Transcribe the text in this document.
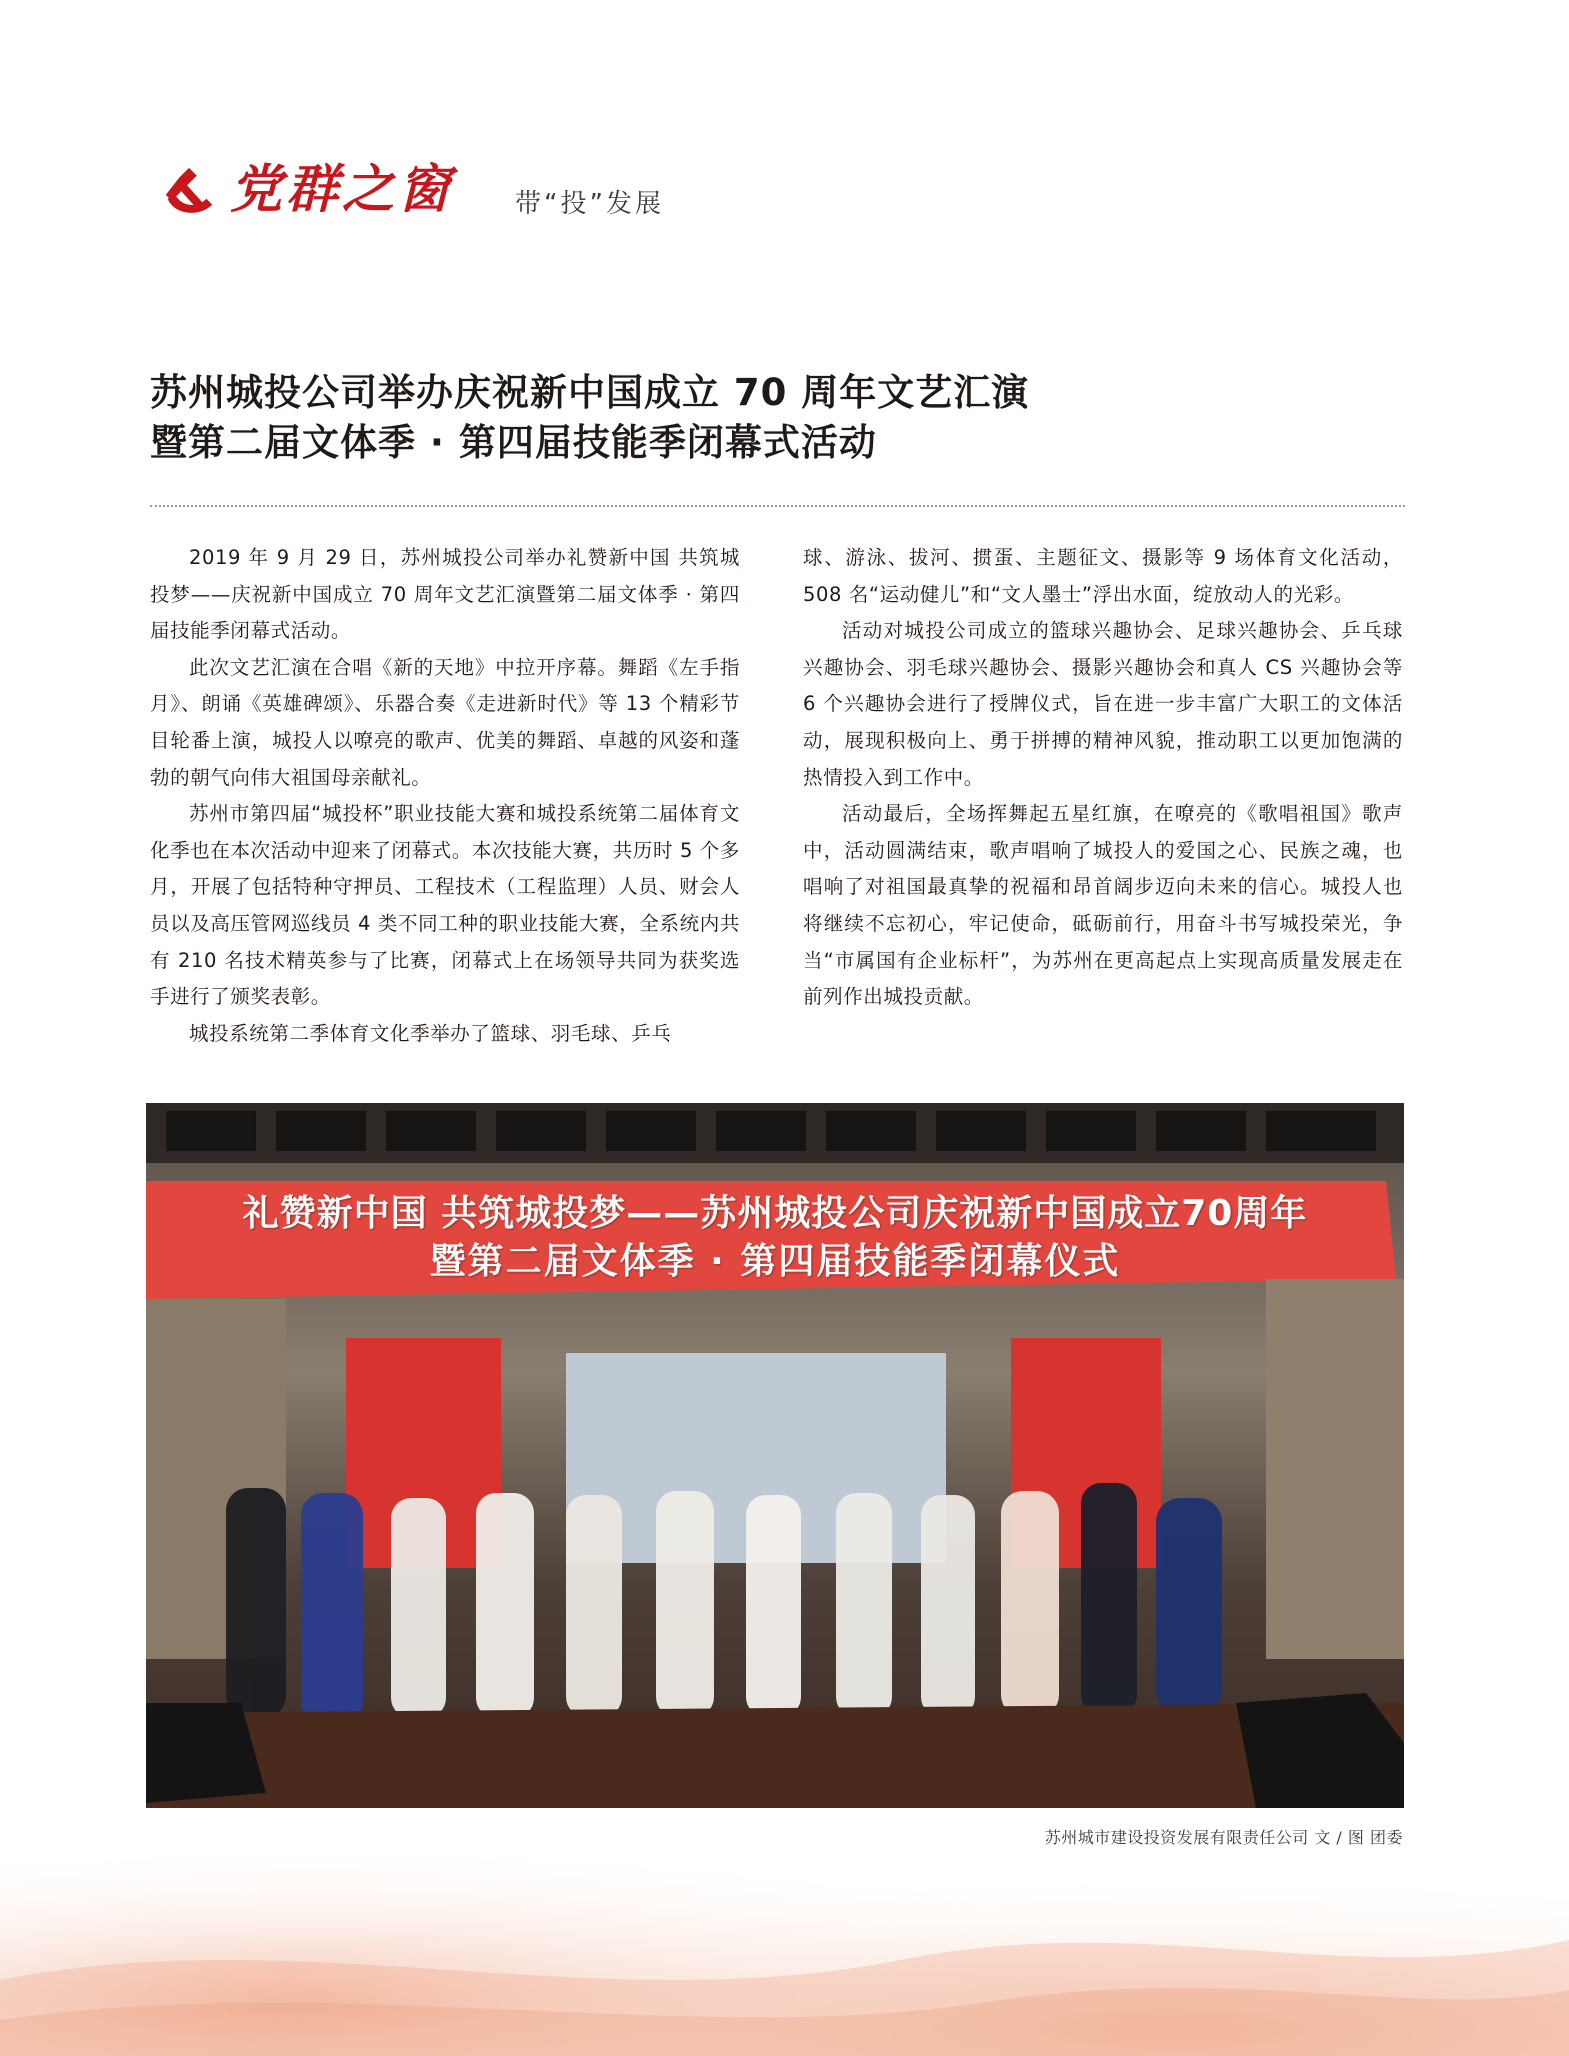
党群之窗 带“投”发展
苏州城投公司举办庆祝新中国成立 70 周年文艺汇演
暨第二届文体季 · 第四届技能季闭幕式活动

2019 年 9 月 29 日，苏州城投公司举办礼赞新中国 共筑城投梦——庆祝新中国成立 70 周年文艺汇演暨第二届文体季 · 第四届技能季闭幕式活动。

此次文艺汇演在合唱《新的天地》中拉开序幕。舞蹈《左手指月》、朗诵《英雄碑颂》、乐器合奏《走进新时代》等 13 个精彩节目轮番上演，城投人以嘹亮的歌声、优美的舞蹈、卓越的风姿和蓬勃的朝气向伟大祖国母亲献礼。

苏州市第四届“城投杯”职业技能大赛和城投系统第二届体育文化季也在本次活动中迎来了闭幕式。本次技能大赛，共历时 5 个多月，开展了包括特种守押员、工程技术（工程监理）人员、财会人员以及高压管网巡线员 4 类不同工种的职业技能大赛，全系统内共有 210 名技术精英参与了比赛，闭幕式上在场领导共同为获奖选手进行了颁奖表彰。

城投系统第二季体育文化季举办了篮球、羽毛球、乒乓

球、游泳、拔河、掼蛋、主题征文、摄影等 9 场体育文化活动，508 名“运动健儿”和“文人墨士”浮出水面，绽放动人的光彩。

活动对城投公司成立的篮球兴趣协会、足球兴趣协会、乒乓球兴趣协会、羽毛球兴趣协会、摄影兴趣协会和真人 CS 兴趣协会等 6 个兴趣协会进行了授牌仪式，旨在进一步丰富广大职工的文体活动，展现积极向上、勇于拼搏的精神风貌，推动职工以更加饱满的热情投入到工作中。

活动最后，全场挥舞起五星红旗，在嘹亮的《歌唱祖国》歌声中，活动圆满结束，歌声唱响了城投人的爱国之心、民族之魂，也唱响了对祖国最真挚的祝福和昂首阔步迈向未来的信心。城投人也将继续不忘初心，牢记使命，砥砺前行，用奋斗书写城投荣光，争当“市属国有企业标杆”，为苏州在更高起点上实现高质量发展走在前列作出城投贡献。

礼赞新中国 共筑城投梦——苏州城投公司庆祝新中国成立70周年
暨第二届文体季 · 第四届技能季闭幕仪式
苏州城市建设投资发展有限责任公司 文 / 图 团委
